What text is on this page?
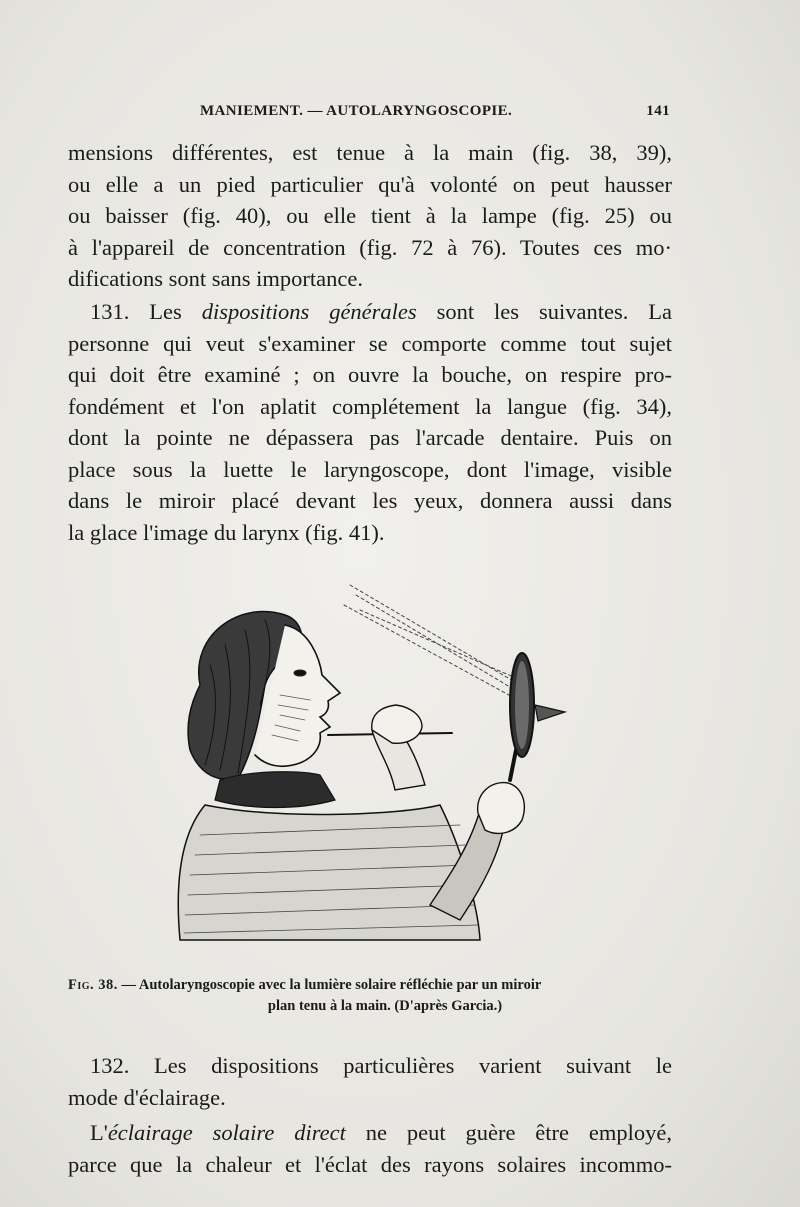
MANIEMENT. — AUTOLARYNGOSCOPIE.	141
mensions différentes, est tenue à la main (fig. 38, 39),
ou elle a un pied particulier qu'à volonté on peut hausser
ou baisser (fig. 40), ou elle tient à la lampe (fig. 25) ou
à l'appareil de concentration (fig. 72 à 76). Toutes ces mo·
difications sont sans importance.
131. Les dispositions générales sont les suivantes. La
personne qui veut s'examiner se comporte comme tout sujet
qui doit être examiné ; on ouvre la bouche, on respire pro-
fondément et l'on aplatit complétement la langue (fig. 34),
dont la pointe ne dépassera pas l'arcade dentaire. Puis on
place sous la luette le laryngoscope, dont l'image, visible
dans le miroir placé devant les yeux, donnera aussi dans
la glace l'image du larynx (fig. 41).
Fig. 38. — Autolaryngoscopie avec la lumière solaire réfléchie par un miroir
plan tenu à la main. (D'après Garcia.)
132. Les dispositions particulières varient suivant le
mode d'éclairage.
L'éclairage solaire direct ne peut guère être employé,
parce que la chaleur et l'éclat des rayons solaires incommo-
